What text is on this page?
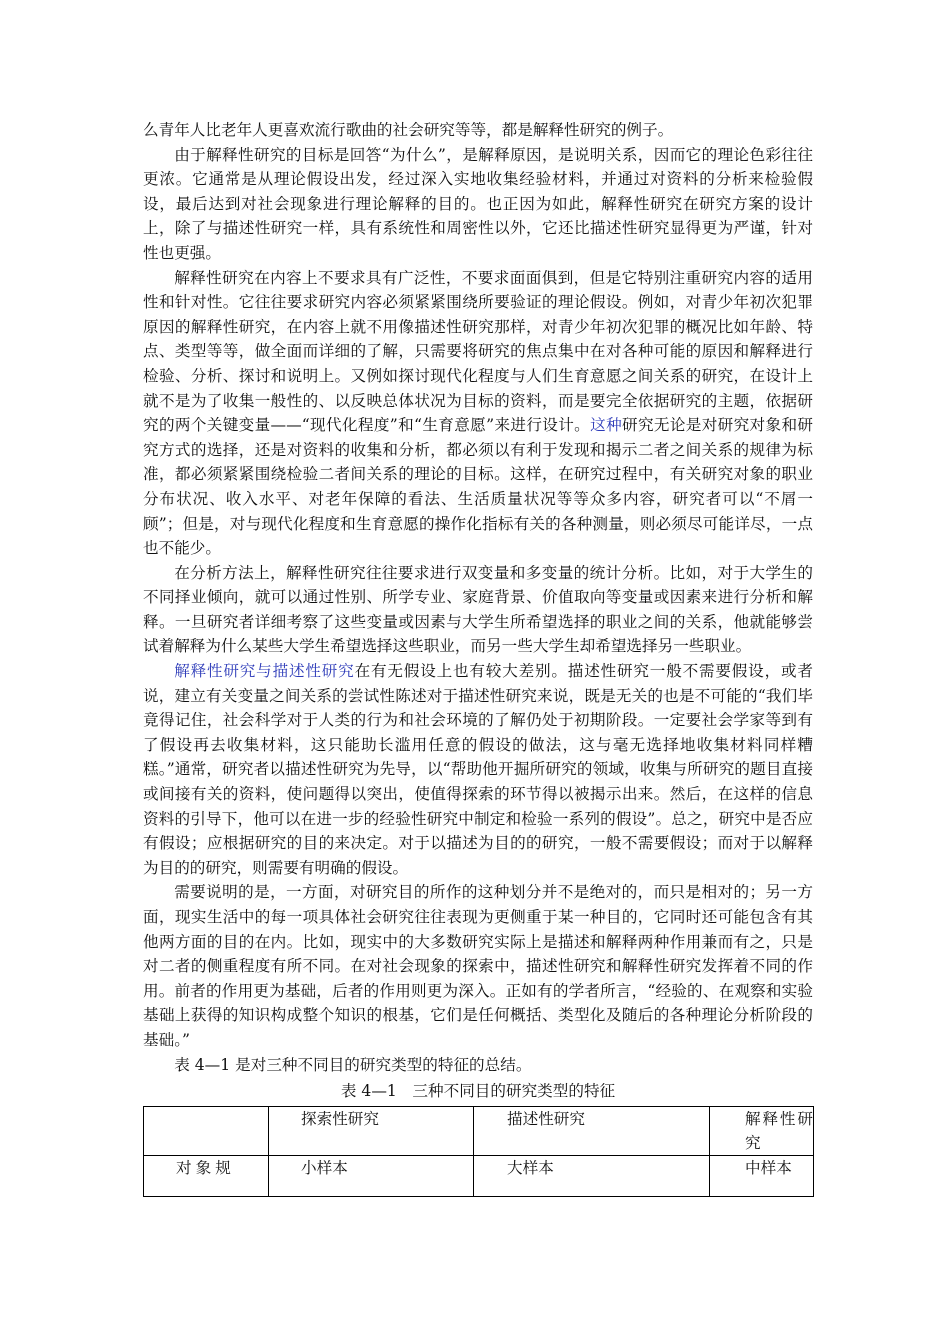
么青年人比老年人更喜欢流行歌曲的社会研究等等，都是解释性研究的例子。

由于解释性研究的目标是回答“为什么”，是解释原因，是说明关系，因而它的理论色彩往往更浓。它通常是从理论假设出发，经过深入实地收集经验材料，并通过对资料的分析来检验假设，最后达到对社会现象进行理论解释的目的。也正因为如此，解释性研究在研究方案的设计上，除了与描述性研究一样，具有系统性和周密性以外，它还比描述性研究显得更为严谨，针对性也更强。

解释性研究在内容上不要求具有广泛性，不要求面面俱到，但是它特别注重研究内容的适用性和针对性。它往往要求研究内容必须紧紧围绕所要验证的理论假设。例如，对青少年初次犯罪原因的解释性研究，在内容上就不用像描述性研究那样，对青少年初次犯罪的概况比如年龄、特点、类型等等，做全面而详细的了解，只需要将研究的焦点集中在对各种可能的原因和解释进行检验、分析、探讨和说明上。又例如探讨现代化程度与人们生育意愿之间关系的研究，在设计上就不是为了收集一般性的、以反映总体状况为目标的资料，而是要完全依据研究的主题，依据研究的两个关键变量——“现代化程度”和“生育意愿”来进行设计。这种研究无论是对研究对象和研究方式的选择，还是对资料的收集和分析，都必须以有利于发现和揭示二者之间关系的规律为标准，都必须紧紧围绕检验二者间关系的理论的目标。这样，在研究过程中，有关研究对象的职业分布状况、收入水平、对老年保障的看法、生活质量状况等等众多内容，研究者可以“不屑一顾”；但是，对与现代化程度和生育意愿的操作化指标有关的各种测量，则必须尽可能详尽，一点也不能少。

在分析方法上，解释性研究往往要求进行双变量和多变量的统计分析。比如，对于大学生的不同择业倾向，就可以通过性别、所学专业、家庭背景、价值取向等变量或因素来进行分析和解释。一旦研究者详细考察了这些变量或因素与大学生所希望选择的职业之间的关系，他就能够尝试着解释为什么某些大学生希望选择这些职业，而另一些大学生却希望选择另一些职业。

解释性研究与描述性研究在有无假设上也有较大差别。描述性研究一般不需要假设，或者说，建立有关变量之间关系的尝试性陈述对于描述性研究来说，既是无关的也是不可能的“我们毕竟得记住，社会科学对于人类的行为和社会环境的了解仍处于初期阶段。一定要社会学家等到有了假设再去收集材料，这只能助长滥用任意的假设的做法，这与毫无选择地收集材料同样糟糕。”通常，研究者以描述性研究为先导，以“帮助他开掘所研究的领域，收集与所研究的题目直接或间接有关的资料，使问题得以突出，使值得探索的环节得以被揭示出来。然后，在这样的信息资料的引导下，他可以在进一步的经验性研究中制定和检验一系列的假设”。总之，研究中是否应有假设；应根据研究的目的来决定。对于以描述为目的的研究，一般不需要假设；而对于以解释为目的的研究，则需要有明确的假设。

需要说明的是，一方面，对研究目的所作的这种划分并不是绝对的，而只是相对的；另一方面，现实生活中的每一项具体社会研究往往表现为更侧重于某一种目的，它同时还可能包含有其他两方面的目的在内。比如，现实中的大多数研究实际上是描述和解释两种作用兼而有之，只是对二者的侧重程度有所不同。在对社会现象的探索中，描述性研究和解释性研究发挥着不同的作用。前者的作用更为基础，后者的作用则更为深入。正如有的学者所言，“经验的、在观察和实验基础上获得的知识构成整个知识的根基，它们是任何概括、类型化及随后的各种理论分析阶段的基础。”

表 4—1 是对三种不同目的研究类型的特征的总结。

表 4—1　三种不同目的研究类型的特征
	探索性研究	描述性研究	解释性研究
对象规	小样本	大样本	中样本
